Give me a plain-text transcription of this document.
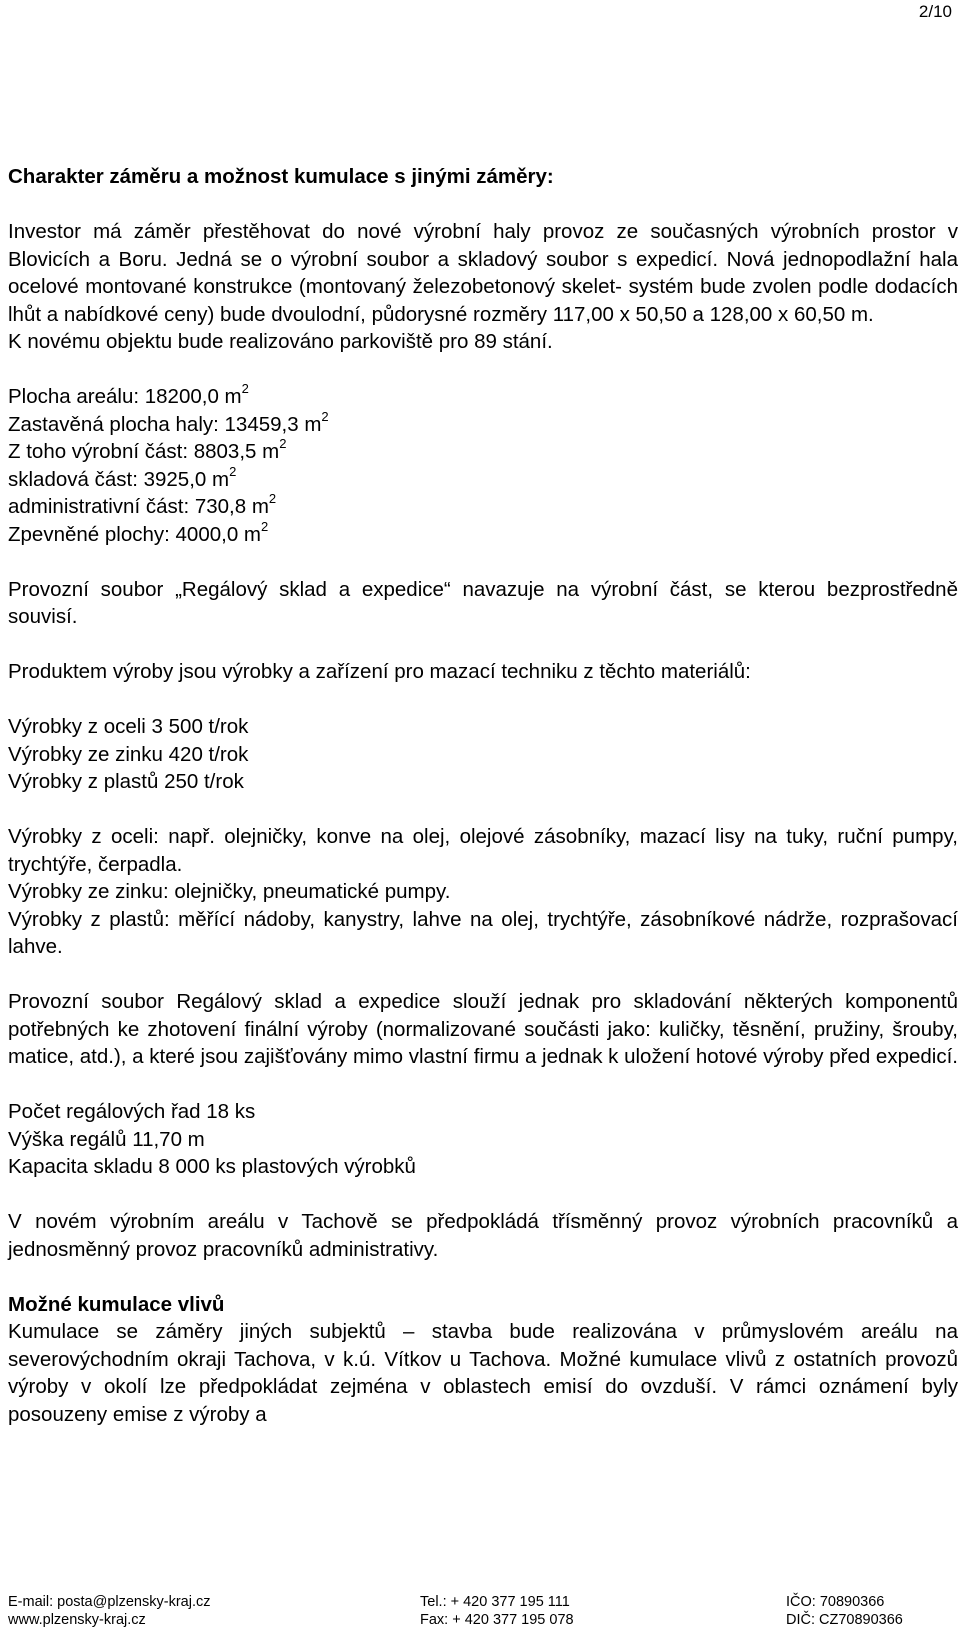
2/10

Charakter záměru a možnost kumulace s jinými záměry:

Investor má záměr přestěhovat do nové výrobní haly provoz ze současných výrobních prostor v Blovicích a Boru. Jedná se o výrobní soubor a skladový soubor s expedicí. Nová jednopodlažní hala ocelové montované konstrukce (montovaný železobetonový skelet- systém bude zvolen podle dodacích lhůt a nabídkové ceny) bude dvoulodní, půdorysné rozměry 117,00 x 50,50 a 128,00 x 60,50 m.

K novému objektu bude realizováno parkoviště pro 89 stání.

Plocha areálu: 18200,0 $m^2$

Zastavěná plocha haly: 13459,3 $m^2$

Z toho výrobní část: 8803,5 $m^2$

skladová část: 3925,0 $m^2$

administrativní část: 730,8 $m^2$

Zpevněné plochy: 4000,0 $m^2$

Provozní soubor „Regálový sklad a expedice“ navazuje na výrobní část, se kterou bezprostředně souvisí.

Produktem výroby jsou výrobky a zařízení pro mazací techniku z těchto materiálů:

Výrobky z oceli 3 500 t/rok

Výrobky ze zinku 420 t/rok

Výrobky z plastů 250 t/rok

Výrobky z oceli: např. olejničky, konve na olej, olejové zásobníky, mazací lisy na tuky, ruční pumpy, trychtýře, čerpadla.

Výrobky ze zinku: olejničky, pneumatické pumpy.

Výrobky z plastů: měřící nádoby, kanystry, lahve na olej, trychtýře, zásobníkové nádrže, rozprašovací lahve.

Provozní soubor Regálový sklad a expedice slouží jednak pro skladování některých komponentů potřebných ke zhotovení finální výroby (normalizované součásti jako: kuličky, těsnění, pružiny, šrouby, matice, atd.), a které jsou zajišťovány mimo vlastní firmu a jednak k uložení hotové výroby před expedicí.

Počet regálových řad 18 ks

Výška regálů 11,70 m

Kapacita skladu 8 000 ks plastových výrobků

V novém výrobním areálu v Tachově se předpokládá třísměnný provoz výrobních pracovníků a jednosměnný provoz pracovníků administrativy.

Možné kumulace vlivů

Kumulace se záměry jiných subjektů – stavba bude realizována v průmyslovém areálu na severovýchodním okraji Tachova, v k.ú. Vítkov u Tachova. Možné kumulace vlivů z ostatních provozů výroby v okolí lze předpokládat zejména v oblastech emisí do ovzduší. V rámci oznámení byly posouzeny emise z výroby a

E-mail: posta@plzensky-kraj.cz	Tel.: + 420 377 195 111	IČO: 70890366
www.plzensky-kraj.cz	Fax: + 420 377 195 078	DIČ: CZ70890366
